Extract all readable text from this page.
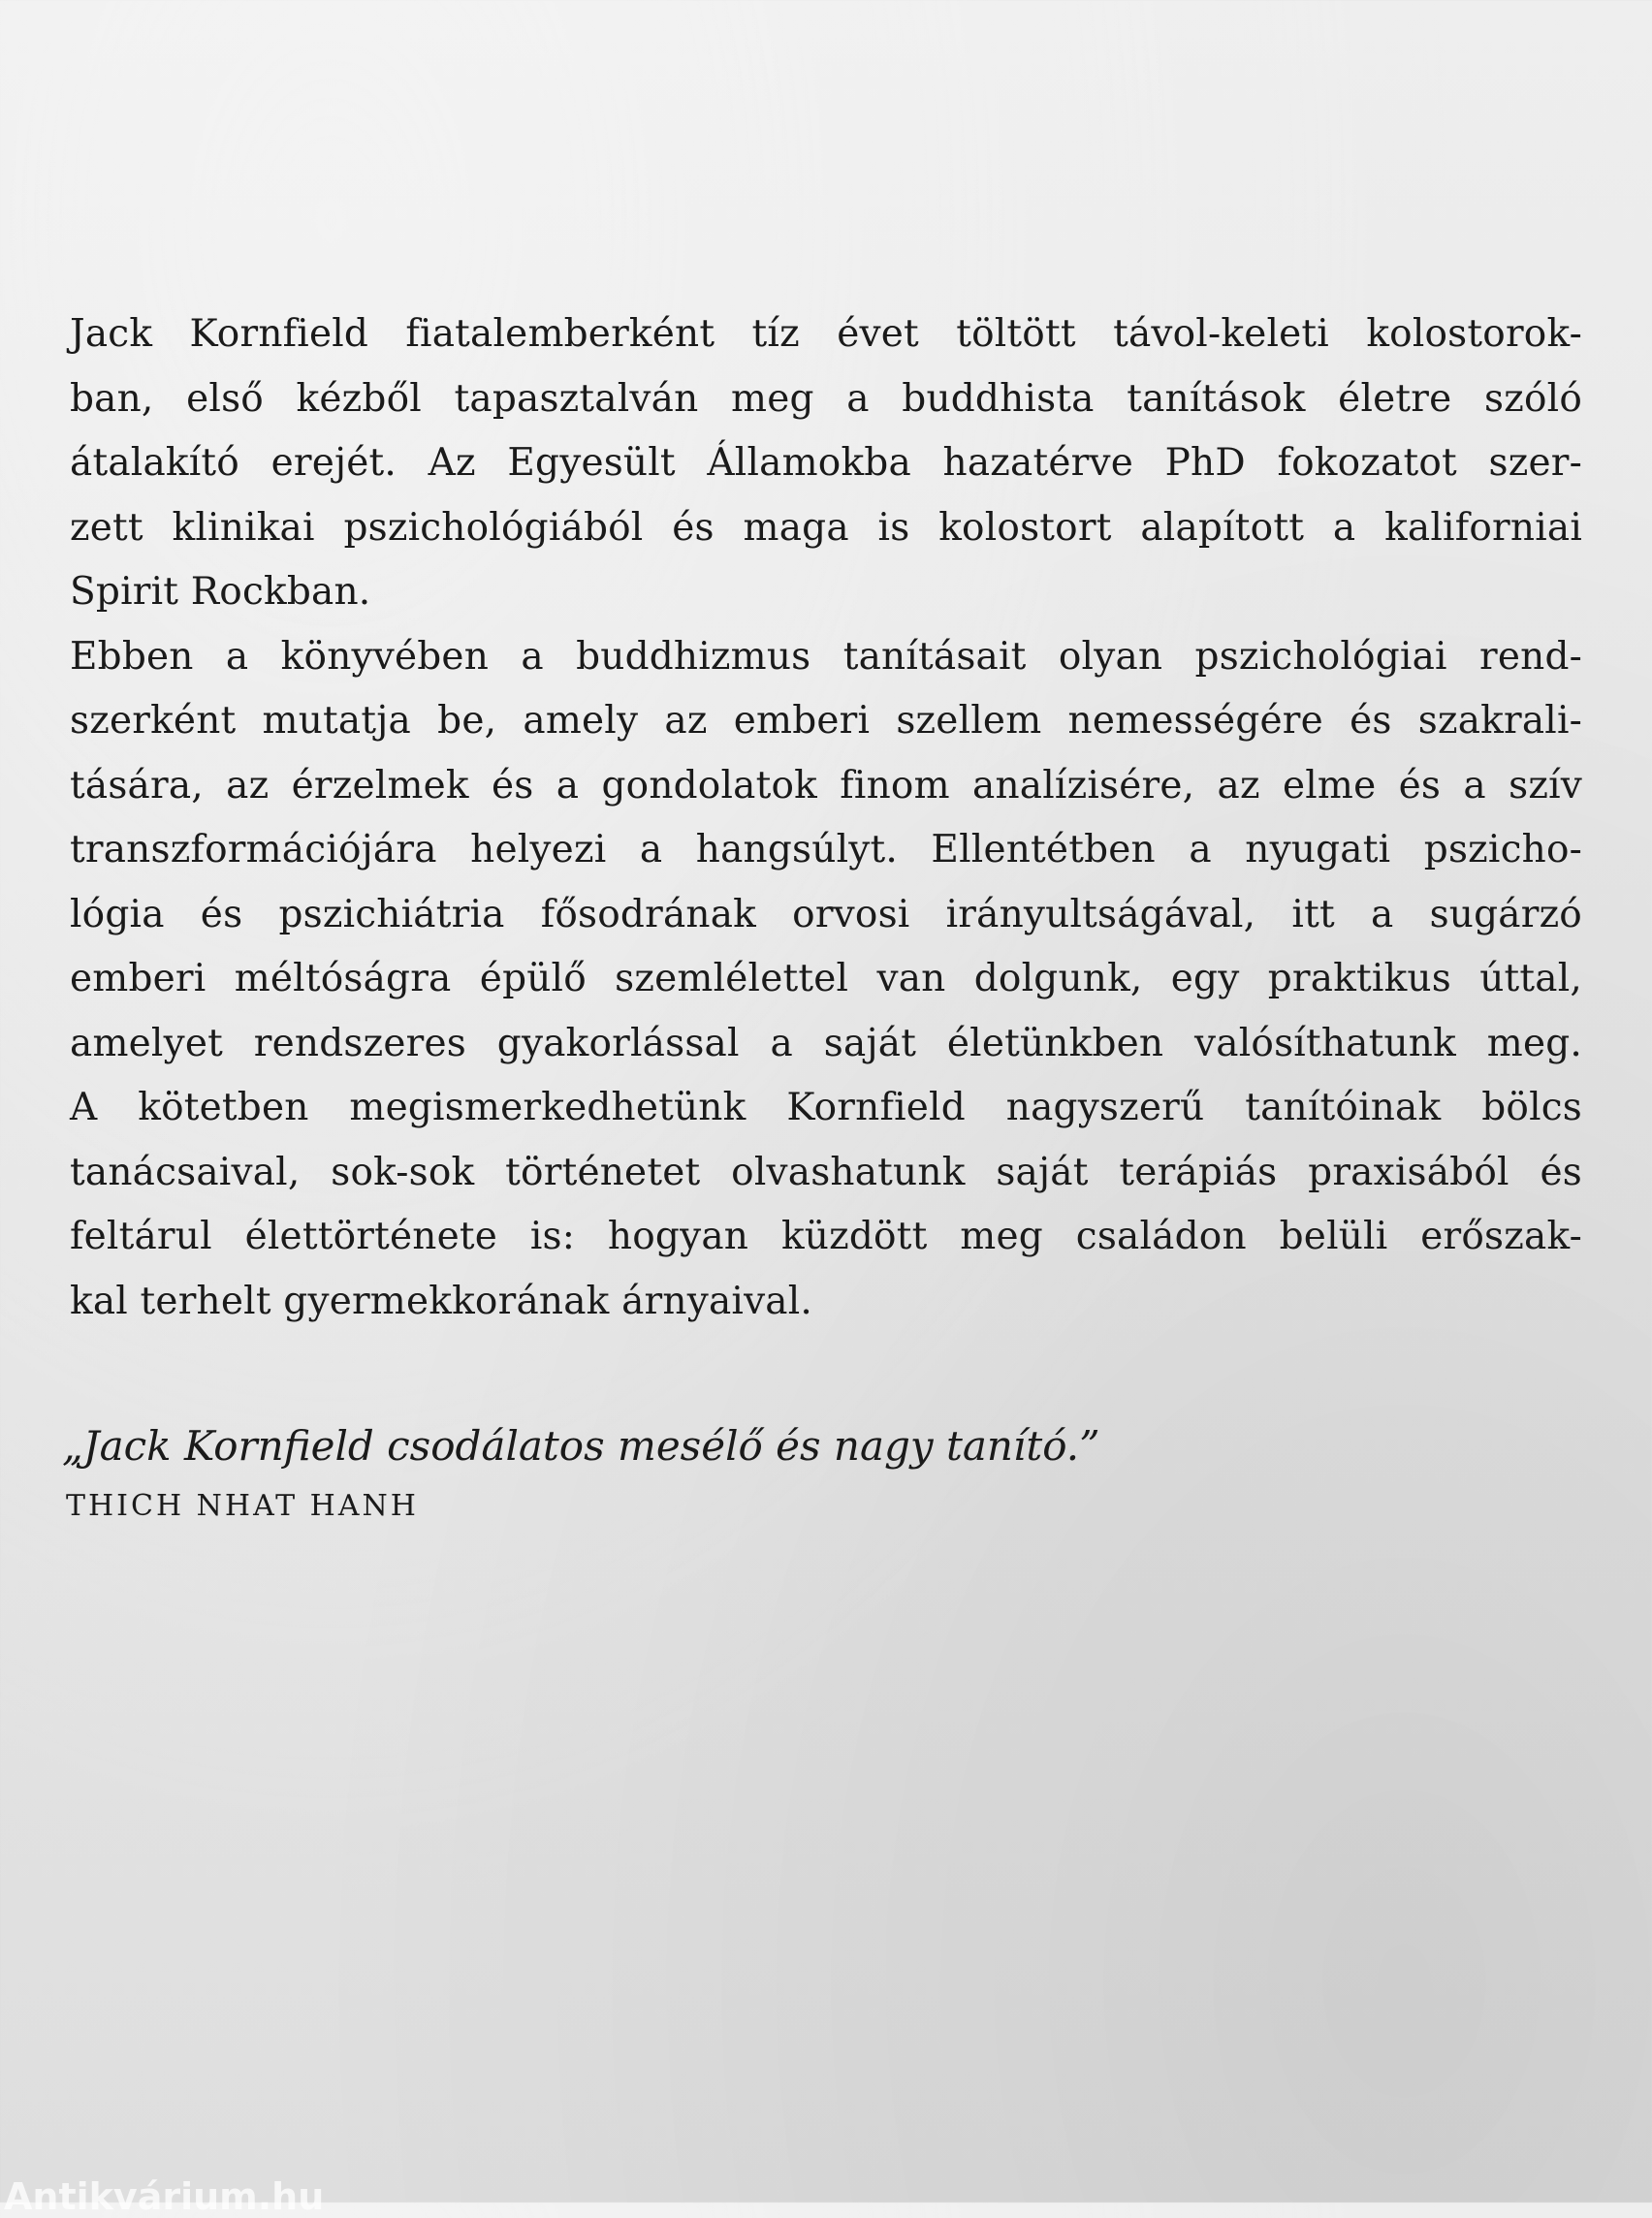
Jack Kornfield fiatalemberként tíz évet töltött távol-keleti kolostorok-
ban, első kézből tapasztalván meg a buddhista tanítások életre szóló
átalakító erejét. Az Egyesült Államokba hazatérve PhD fokozatot szer-
zett klinikai pszichológiából és maga is kolostort alapított a kaliforniai
Spirit Rockban.
Ebben a könyvében a buddhizmus tanításait olyan pszichológiai rend-
szerként mutatja be, amely az emberi szellem nemességére és szakrali-
tására, az érzelmek és a gondolatok finom analízisére, az elme és a szív
transzformációjára helyezi a hangsúlyt. Ellentétben a nyugati pszicho-
lógia és pszichiátria fősodrának orvosi irányultságával, itt a sugárzó
emberi méltóságra épülő szemlélettel van dolgunk, egy praktikus úttal,
amelyet rendszeres gyakorlással a saját életünkben valósíthatunk meg.
A kötetben megismerkedhetünk Kornfield nagyszerű tanítóinak bölcs
tanácsaival, sok-sok történetet olvashatunk saját terápiás praxisából és
feltárul élettörténete is: hogyan küzdött meg családon belüli erőszak-
kal terhelt gyermekkorának árnyaival.
„Jack Kornfield csodálatos mesélő és nagy tanító.”
THICH NHAT HANH
Antikvárium.hu
